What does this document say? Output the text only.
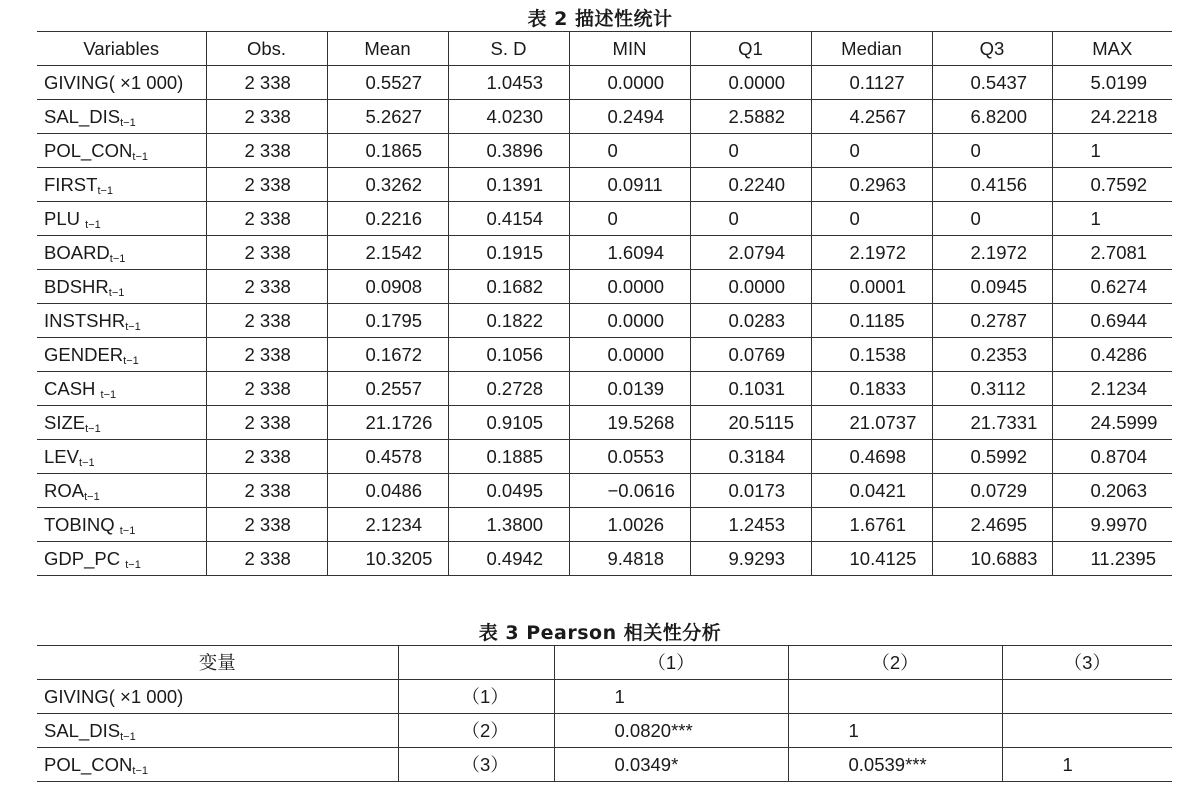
表 2 描述性统计
Variables	Obs.	Mean	S. D	MIN	Q1	Median	Q3	MAX
GIVING( ×1 000)	2 338	0.5527	1.0453	0.0000	0.0000	0.1127	0.5437	5.0199
$SAL\_DIS_{t-1}$	2 338	5.2627	4.0230	0.2494	2.5882	4.2567	6.8200	24.2218
$POL\_CON_{t-1}$	2 338	0.1865	0.3896	0	0	0	0	1
$FIRST_{t-1}$	2 338	0.3262	0.1391	0.0911	0.2240	0.2963	0.4156	0.7592
PLU $_{t-1}$	2 338	0.2216	0.4154	0	0	0	0	1
$BOARD_{t-1}$	2 338	2.1542	0.1915	1.6094	2.0794	2.1972	2.1972	2.7081
$BDSHR_{t-1}$	2 338	0.0908	0.1682	0.0000	0.0000	0.0001	0.0945	0.6274
$INSTSHR_{t-1}$	2 338	0.1795	0.1822	0.0000	0.0283	0.1185	0.2787	0.6944
$GENDER_{t-1}$	2 338	0.1672	0.1056	0.0000	0.0769	0.1538	0.2353	0.4286
CASH $_{t-1}$	2 338	0.2557	0.2728	0.0139	0.1031	0.1833	0.3112	2.1234
$SIZE_{t-1}$	2 338	21.1726	0.9105	19.5268	20.5115	21.0737	21.7331	24.5999
$LEV_{t-1}$	2 338	0.4578	0.1885	0.0553	0.3184	0.4698	0.5992	0.8704
$ROA_{t-1}$	2 338	0.0486	0.0495	−0.0616	0.0173	0.0421	0.0729	0.2063
TOBINQ $_{t-1}$	2 338	2.1234	1.3800	1.0026	1.2453	1.6761	2.4695	9.9970
GDP_PC $_{t-1}$	2 338	10.3205	0.4942	9.4818	9.9293	10.4125	10.6883	11.2395
表 3 Pearson 相关性分析
变量		（1）	（2）	（3）
GIVING( ×1 000)	（1）	1		
$SAL\_DIS_{t-1}$	（2）	0.0820***	1	
$POL\_CON_{t-1}$	（3）	0.0349*	0.0539***	1
